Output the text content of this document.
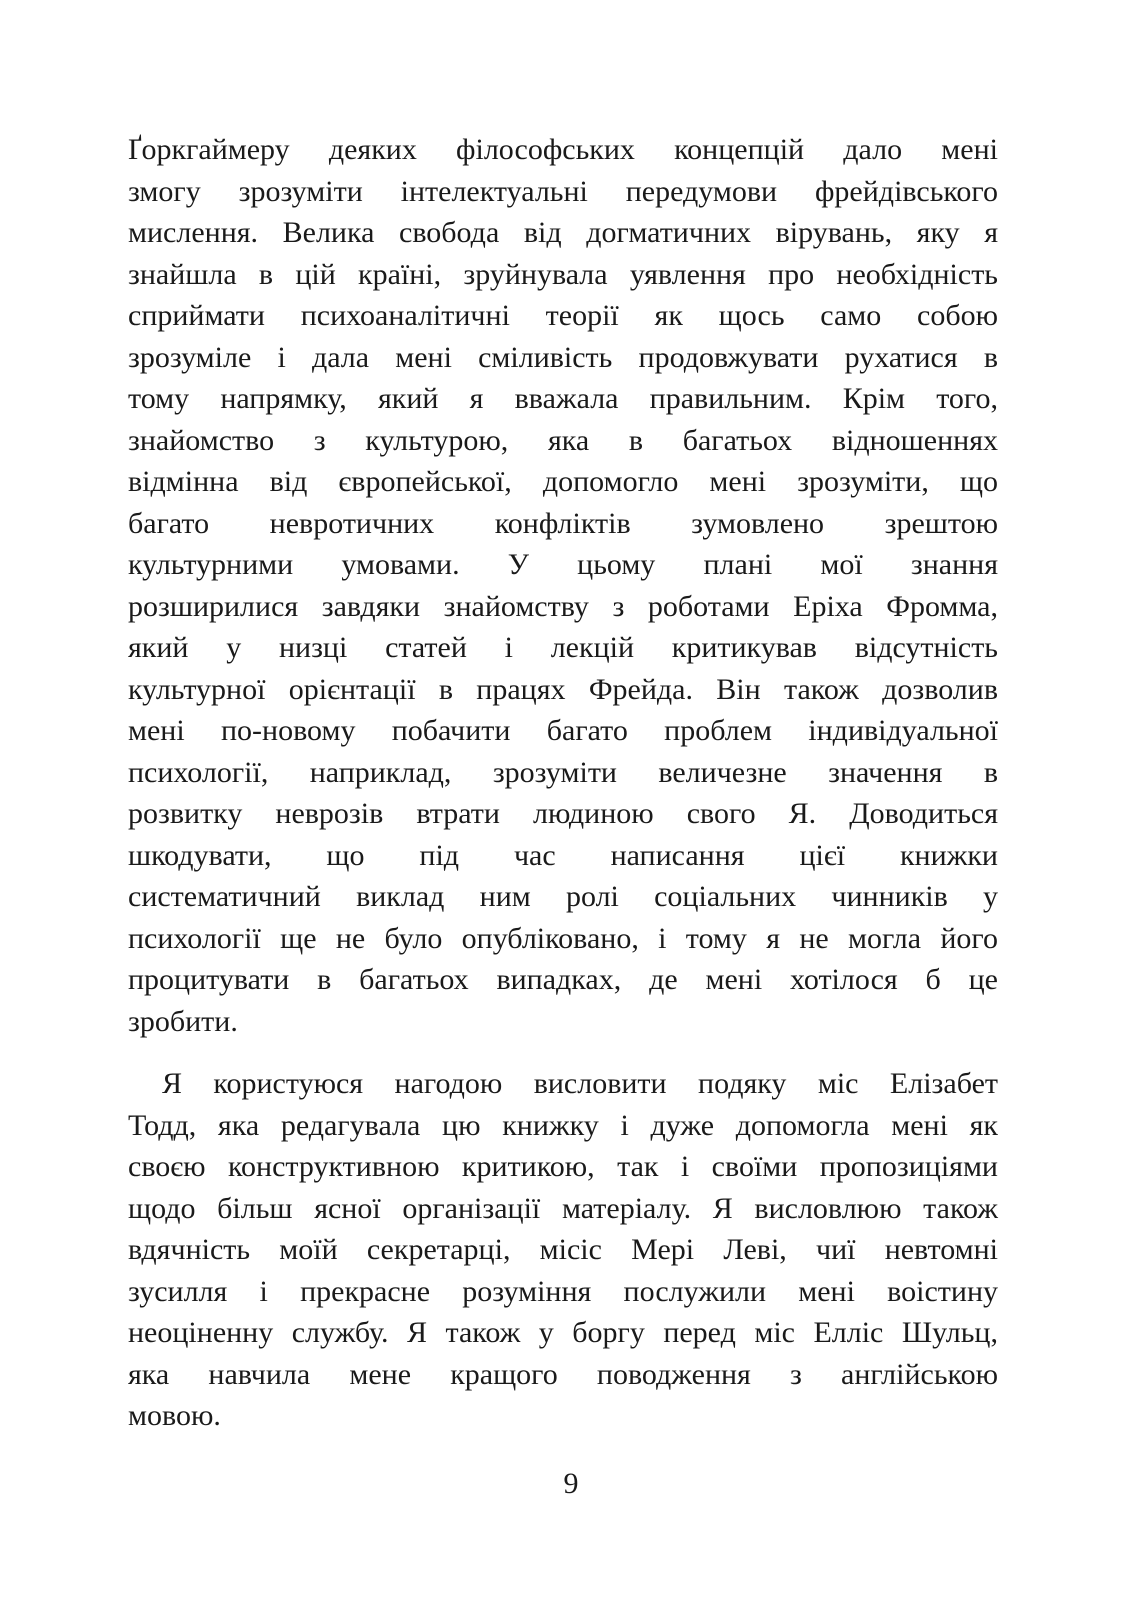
Ґоркгаймеру деяких філософських концепцій дало мені
змогу зрозуміти інтелектуальні передумови фрейдівського
мислення. Велика свобода від догматичних вірувань, яку я
знайшла в цій країні, зруйнувала уявлення про необхідність
сприймати психоаналітичні теорії як щось само собою
зрозуміле і дала мені сміливість продовжувати рухатися в
тому напрямку, який я вважала правильним. Крім того,
знайомство з культурою, яка в багатьох відношеннях
відмінна від європейської, допомогло мені зрозуміти, що
багато невротичних конфліктів зумовлено зрештою
культурними умовами. У цьому плані мої знання
розширилися завдяки знайомству з роботами Еріха Фромма,
який у низці статей і лекцій критикував відсутність
культурної орієнтації в працях Фрейда. Він також дозволив
мені по-новому побачити багато проблем індивідуальної
психології, наприклад, зрозуміти величезне значення в
розвитку неврозів втрати людиною свого Я. Доводиться
шкодувати, що під час написання цієї книжки
систематичний виклад ним ролі соціальних чинників у
психології ще не було опубліковано, і тому я не могла його
процитувати в багатьох випадках, де мені хотілося б це
зробити.
Я користуюся нагодою висловити подяку міс Елізабет
Тодд, яка редагувала цю книжку і дуже допомогла мені як
своєю конструктивною критикою, так і своїми пропозиціями
щодо більш ясної організації матеріалу. Я висловлюю також
вдячність моїй секретарці, місіс Мері Леві, чиї невтомні
зусилля і прекрасне розуміння послужили мені воістину
неоціненну службу. Я також у боргу перед міс Елліс Шульц,
яка навчила мене кращого поводження з англійською
мовою.
9
